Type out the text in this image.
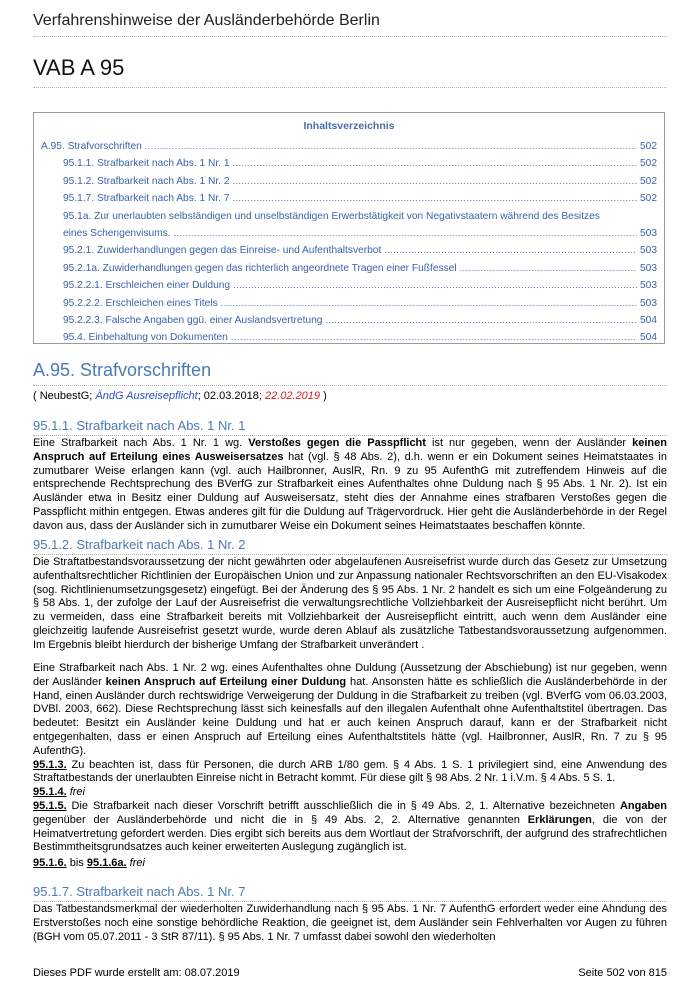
Verfahrenshinweise der Ausländerbehörde Berlin
VAB A 95
Inhaltsverzeichnis
A.95. Strafvorschriften .....	502
95.1.1. Strafbarkeit nach Abs. 1 Nr. 1 .....	502
95.1.2. Strafbarkeit nach Abs. 1 Nr. 2 .....	502
95.1.7. Strafbarkeit nach Abs. 1 Nr. 7 .....	502
95.1a. Zur unerlaubten selbständigen und unselbständigen Erwerbstätigkeit von Negativstaatern während des Besitzes
eines Schengenvisums. .....	503
95.2.1. Zuwiderhandlungen gegen das Einreise- und Aufenthaltsverbot .....	503
95.2.1a. Zuwiderhandlungen gegen das richterlich angeordnete Tragen einer Fußfessel .....	503
95.2.2.1. Erschleichen einer Duldung .....	503
95.2.2.2. Erschleichen eines Titels .....	503
95.2.2.3. Falsche Angaben ggü. einer Auslandsvertretung .....	504
95.4. Einbehaltung von Dokumenten .....	504
A.95. Strafvorschriften
( NeubestG; ÄndG Ausreisepflicht; 02.03.2018; 22.02.2019 )
95.1.1. Strafbarkeit nach Abs. 1 Nr. 1
Eine Strafbarkeit nach Abs. 1 Nr. 1 wg. Verstoßes gegen die Passpflicht ist nur gegeben, wenn der Ausländer keinen Anspruch auf Erteilung eines Ausweisersatzes hat (vgl. § 48 Abs. 2), d.h. wenn er ein Dokument seines Heimatstaates in zumutbarer Weise erlangen kann (vgl. auch Hailbronner, AuslR, Rn. 9 zu 95 AufenthG mit zutreffendem Hinweis auf die entsprechende Rechtsprechung des BVerfG zur Strafbarkeit eines Aufenthaltes ohne Duldung nach § 95 Abs. 1 Nr. 2). Ist ein Ausländer etwa in Besitz einer Duldung auf Ausweisersatz, steht dies der Annahme eines strafbaren Verstoßes gegen die Passpflicht mithin entgegen. Etwas anderes gilt für die Duldung auf Trägervordruck. Hier geht die Ausländerbehörde in der Regel davon aus, dass der Ausländer sich in zumutbarer Weise ein Dokument seines Heimatstaates beschaffen könnte.
95.1.2. Strafbarkeit nach Abs. 1 Nr. 2
Die Straftatbestandsvoraussetzung der nicht gewährten oder abgelaufenen Ausreisefrist wurde durch das Gesetz zur Umsetzung aufenthaltsrechtlicher Richtlinien der Europäischen Union und zur Anpassung nationaler Rechtsvorschriften an den EU-Visakodex (sog. Richtlinienumsetzungsgesetz) eingefügt. Bei der Änderung des § 95 Abs. 1 Nr. 2 handelt es sich um eine Folgeänderung zu § 58 Abs. 1, der zufolge der Lauf der Ausreisefrist die verwaltungsrechtliche Vollziehbarkeit der Ausreisepflicht nicht berührt. Um zu vermeiden, dass eine Strafbarkeit bereits mit Vollziehbarkeit der Ausreisepflicht eintritt, auch wenn dem Ausländer eine gleichzeitig laufende Ausreisefrist gesetzt wurde, wurde deren Ablauf als zusätzliche Tatbestandsvoraussetzung aufgenommen. Im Ergebnis bleibt hierdurch der bisherige Umfang der Strafbarkeit unverändert .
Eine Strafbarkeit nach Abs. 1 Nr. 2 wg. eines Aufenthaltes ohne Duldung (Aussetzung der Abschiebung) ist nur gegeben, wenn der Ausländer keinen Anspruch auf Erteilung einer Duldung hat. Ansonsten hätte es schließlich die Ausländerbehörde in der Hand, einen Ausländer durch rechtswidrige Verweigerung der Duldung in die Strafbarkeit zu treiben (vgl. BVerfG vom 06.03.2003, DVBl. 2003, 662). Diese Rechtsprechung lässt sich keinesfalls auf den illegalen Aufenthalt ohne Aufenthaltstitel übertragen. Das bedeutet: Besitzt ein Ausländer keine Duldung und hat er auch keinen Anspruch darauf, kann er der Strafbarkeit nicht entgegenhalten, dass er einen Anspruch auf Erteilung eines Aufenthaltstitels hätte (vgl. Hailbronner, AuslR, Rn. 7 zu § 95 AufenthG).
95.1.3. Zu beachten ist, dass für Personen, die durch ARB 1/80 gem. § 4 Abs. 1 S. 1 privilegiert sind, eine Anwendung des Straftatbestands der unerlaubten Einreise nicht in Betracht kommt. Für diese gilt § 98 Abs. 2 Nr. 1 i.V.m. § 4 Abs. 5 S. 1.
95.1.4. frei
95.1.5. Die Strafbarkeit nach dieser Vorschrift betrifft ausschließlich die in § 49 Abs. 2, 1. Alternative bezeichneten Angaben gegenüber der Ausländerbehörde und nicht die in § 49 Abs. 2, 2. Alternative genannten Erklärungen, die von der Heimatvertretung gefordert werden. Dies ergibt sich bereits aus dem Wortlaut der Strafvorschrift, der aufgrund des strafrechtlichen Bestimmtheitsgrundsatzes auch keiner erweiterten Auslegung zugänglich ist.
95.1.6. bis 95.1.6a. frei
95.1.7. Strafbarkeit nach Abs. 1 Nr. 7
Das Tatbestandsmerkmal der wiederholten Zuwiderhandlung nach § 95 Abs. 1 Nr. 7 AufenthG erfordert weder eine Ahndung des Erstverstoßes noch eine sonstige behördliche Reaktion, die geeignet ist, dem Ausländer sein Fehlverhalten vor Augen zu führen (BGH vom 05.07.2011 - 3 StR 87/11). § 95 Abs. 1 Nr. 7 umfasst dabei sowohl den wiederholten
Dieses PDF wurde erstellt am: 08.07.2019	Seite 502 von 815
